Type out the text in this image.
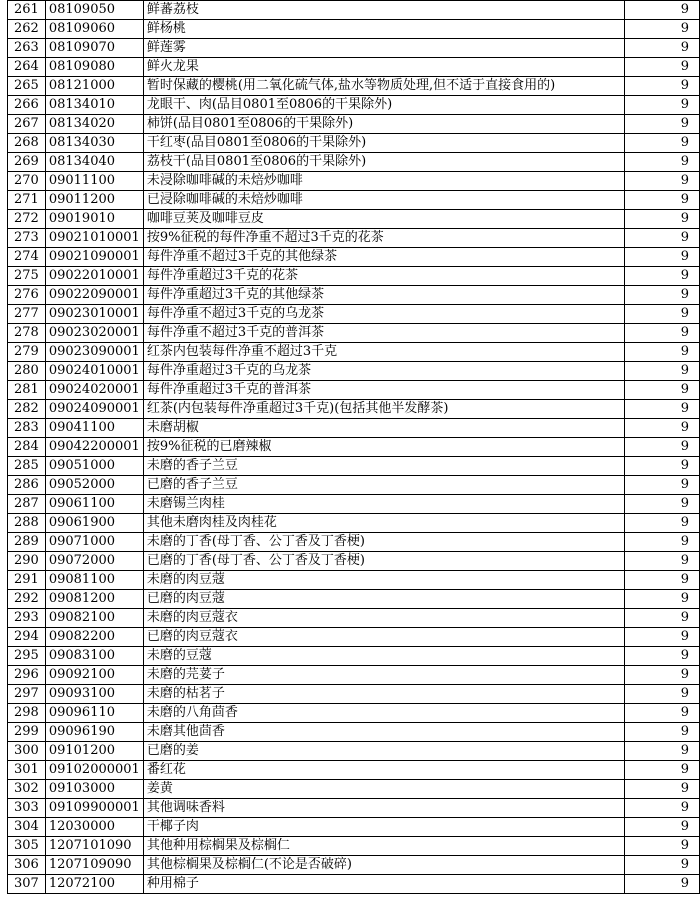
261	08109050	鲜蕃荔枝	9
262	08109060	鲜杨桃	9
263	08109070	鲜莲雾	9
264	08109080	鲜火龙果	9
265	08121000	暂时保藏的樱桃(用二氧化硫气体,盐水等物质处理,但不适于直接食用的)	9
266	08134010	龙眼干、肉(品目0801至0806的干果除外)	9
267	08134020	柿饼(品目0801至0806的干果除外)	9
268	08134030	干红枣(品目0801至0806的干果除外)	9
269	08134040	荔枝干(品目0801至0806的干果除外)	9
270	09011100	未浸除咖啡碱的未焙炒咖啡	9
271	09011200	已浸除咖啡碱的未焙炒咖啡	9
272	09019010	咖啡豆荚及咖啡豆皮	9
273	09021010001	按9%征税的每件净重不超过3千克的花茶	9
274	09021090001	每件净重不超过3千克的其他绿茶	9
275	09022010001	每件净重超过3千克的花茶	9
276	09022090001	每件净重超过3千克的其他绿茶	9
277	09023010001	每件净重不超过3千克的乌龙茶	9
278	09023020001	每件净重不超过3千克的普洱茶	9
279	09023090001	红茶内包装每件净重不超过3千克	9
280	09024010001	每件净重超过3千克的乌龙茶	9
281	09024020001	每件净重超过3千克的普洱茶	9
282	09024090001	红茶(内包装每件净重超过3千克)(包括其他半发酵茶)	9
283	09041100	未磨胡椒	9
284	09042200001	按9%征税的已磨辣椒	9
285	09051000	未磨的香子兰豆	9
286	09052000	已磨的香子兰豆	9
287	09061100	未磨锡兰肉桂	9
288	09061900	其他未磨肉桂及肉桂花	9
289	09071000	未磨的丁香(母丁香、公丁香及丁香梗)	9
290	09072000	已磨的丁香(母丁香、公丁香及丁香梗)	9
291	09081100	未磨的肉豆蔻	9
292	09081200	已磨的肉豆蔻	9
293	09082100	未磨的肉豆蔻衣	9
294	09082200	已磨的肉豆蔻衣	9
295	09083100	未磨的豆蔻	9
296	09092100	未磨的芫荽子	9
297	09093100	未磨的枯茗子	9
298	09096110	未磨的八角茴香	9
299	09096190	未磨其他茴香	9
300	09101200	已磨的姜	9
301	09102000001	番红花	9
302	09103000	姜黄	9
303	09109900001	其他调味香料	9
304	12030000	干椰子肉	9
305	1207101090	其他种用棕榈果及棕榈仁	9
306	1207109090	其他棕榈果及棕榈仁(不论是否破碎)	9
307	12072100	种用棉子	9
